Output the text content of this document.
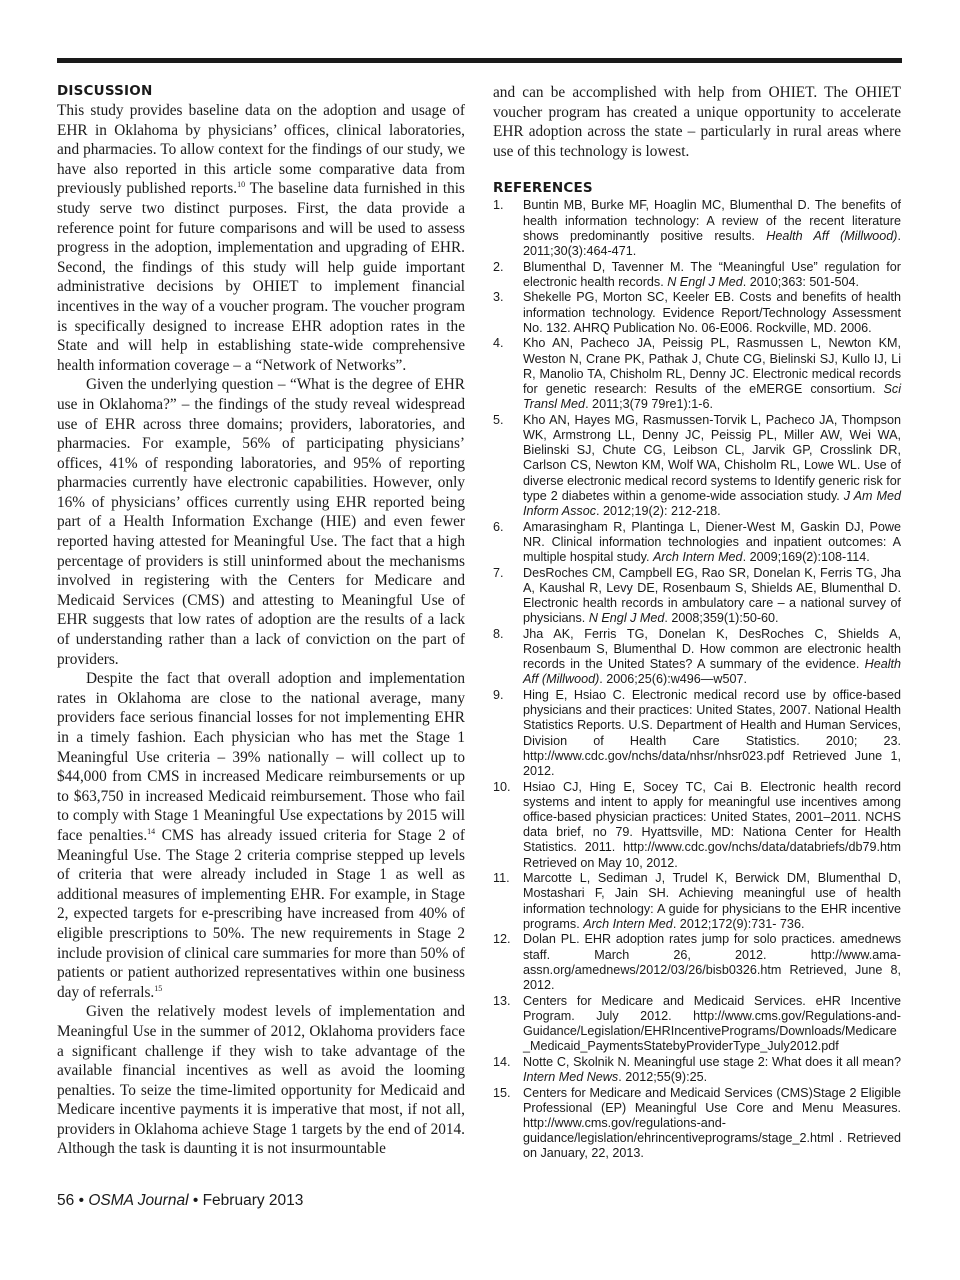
DISCUSSION

This study provides baseline data on the adoption and usage of EHR in Oklahoma by physicians’ offices, clinical laboratories, and pharmacies. To allow context for the findings of our study, we have also reported in this article some comparative data from previously published reports.$^{10}$ The baseline data furnished in this study serve two distinct purposes. First, the data provide a reference point for future comparisons and will be used to assess progress in the adoption, implementation and upgrading of EHR. Second, the findings of this study will help guide important administrative decisions by OHIET to implement financial incentives in the way of a voucher program. The voucher program is specifically designed to increase EHR adoption rates in the State and will help in establishing state-wide comprehensive health information coverage – a “Network of Networks”.

Given the underlying question – “What is the degree of EHR use in Oklahoma?” – the findings of the study reveal widespread use of EHR across three domains; providers, laboratories, and pharmacies. For example, 56% of participating physicians’ offices, 41% of responding laboratories, and 95% of reporting pharmacies currently have electronic capabilities. However, only 16% of physicians’ offices currently using EHR reported being part of a Health Information Exchange (HIE) and even fewer reported having attested for Meaningful Use. The fact that a high percentage of providers is still uninformed about the mechanisms involved in registering with the Centers for Medicare and Medicaid Services (CMS) and attesting to Meaningful Use of EHR suggests that low rates of adoption are the results of a lack of understanding rather than a lack of conviction on the part of providers.

Despite the fact that overall adoption and implementation rates in Oklahoma are close to the national average, many providers face serious financial losses for not implementing EHR in a timely fashion. Each physician who has met the Stage 1 Meaningful Use criteria – 39% nationally – will collect up to $44,000 from CMS in increased Medicare reimbursements or up to $63,750 in increased Medicaid reimbursement. Those who fail to comply with Stage 1 Meaningful Use expectations by 2015 will face penalties.$^{14}$ CMS has already issued criteria for Stage 2 of Meaningful Use. The Stage 2 criteria comprise stepped up levels of criteria that were already included in Stage 1 as well as additional measures of implementing EHR. For example, in Stage 2, expected targets for e-prescribing have increased from 40% of eligible prescriptions to 50%. The new requirements in Stage 2 include provision of clinical care summaries for more than 50% of patients or patient authorized representatives within one business day of referrals.$^{15}$

Given the relatively modest levels of implementation and Meaningful Use in the summer of 2012, Oklahoma providers face a significant challenge if they wish to take advantage of the available financial incentives as well as avoid the looming penalties. To seize the time-limited opportunity for Medicaid and Medicare incentive payments it is imperative that most, if not all, providers in Oklahoma achieve Stage 1 targets by the end of 2014. Although the task is daunting it is not insurmountable

and can be accomplished with help from OHIET. The OHIET voucher program has created a unique opportunity to accelerate EHR adoption across the state – particularly in rural areas where use of this technology is lowest.

REFERENCES
1.	Buntin MB, Burke MF, Hoaglin MC, Blumenthal D. The benefits of health information technology: A review of the recent literature shows predominantly positive results. Health Aff (Millwood). 2011;30(3):464-471.
2.	Blumenthal D, Tavenner M. The “Meaningful Use” regulation for electronic health records. N Engl J Med. 2010;363: 501-504.
3.	Shekelle PG, Morton SC, Keeler EB. Costs and benefits of health information technology. Evidence Report/Technology Assessment No. 132. AHRQ Publication No. 06-E006. Rockville, MD. 2006.
4.	Kho AN, Pacheco JA, Peissig PL, Rasmussen L, Newton KM, Weston N, Crane PK, Pathak J, Chute CG, Bielinski SJ, Kullo IJ, Li R, Manolio TA, Chisholm RL, Denny JC. Electronic medical records for genetic research: Results of the eMERGE consortium. Sci Transl Med. 2011;3(79 79re1):1-6.
5.	Kho AN, Hayes MG, Rasmussen-Torvik L, Pacheco JA, Thompson WK, Armstrong LL, Denny JC, Peissig PL, Miller AW, Wei WA, Bielinski SJ, Chute CG, Leibson CL, Jarvik GP, Crosslink DR, Carlson CS, Newton KM, Wolf WA, Chisholm RL, Lowe WL. Use of diverse electronic medical record systems to Identify generic risk for type 2 diabetes within a genome-wide association study. J Am Med Inform Assoc. 2012;19(2): 212-218.
6.	Amarasingham R, Plantinga L, Diener-West M, Gaskin DJ, Powe NR. Clinical information technologies and inpatient outcomes: A multiple hospital study. Arch Intern Med. 2009;169(2):108-114.
7.	DesRoches CM, Campbell EG, Rao SR, Donelan K, Ferris TG, Jha A, Kaushal R, Levy DE, Rosenbaum S, Shields AE, Blumenthal D. Electronic health records in ambulatory care – a national survey of physicians. N Engl J Med. 2008;359(1):50-60.
8.	Jha AK, Ferris TG, Donelan K, DesRoches C, Shields A, Rosenbaum S, Blumenthal D. How common are electronic health records in the United States? A summary of the evidence. Health Aff (Millwood). 2006;25(6):w496—w507.
9.	Hing E, Hsiao C. Electronic medical record use by office-based physicians and their practices: United States, 2007. National Health Statistics Reports. U.S. Department of Health and Human Services, Division of Health Care Statistics. 2010; 23. http://www.cdc.gov/nchs/data/nhsr/nhsr023.pdf Retrieved June 1, 2012.
10. Hsiao CJ, Hing E, Socey TC, Cai B. Electronic health record systems and intent to apply for meaningful use incentives among office-based physician practices: United States, 2001–2011. NCHS data brief, no 79. Hyattsville, MD: Nationa Center for Health Statistics. 2011. http://www.cdc.gov/nchs/data/databriefs/db79.htm Retrieved on May 10, 2012.
11.	Marcotte L, Sediman J, Trudel K, Berwick DM, Blumenthal D, Mostashari F, Jain SH. Achieving meaningful use of health information technology: A guide for physicians to the EHR incentive programs. Arch Intern Med. 2012;172(9):731- 736.
12. Dolan PL. EHR adoption rates jump for solo practices. amednews staff. March 26, 2012. http://www.ama-assn.org/amednews/2012/03/26/bisb0326.htm Retrieved, June 8, 2012.
13. Centers for Medicare and Medicaid Services. eHR Incentive Program. July 2012. http://www.cms.gov/Regulations-and-Guidance/Legislation/EHRIncentivePrograms/Downloads/Medicare_Medicaid_PaymentsStatebyProviderType_July2012.pdf
14. Notte C, Skolnik N. Meaningful use stage 2: What does it all mean? Intern Med News. 2012;55(9):25.
15. Centers for Medicare and Medicaid Services (CMS)Stage 2 Eligible Professional (EP) Meaningful Use Core and Menu Measures. http://www.cms.gov/regulations-and-guidance/legislation/ehrincentiveprograms/stage_2.html . Retrieved on January, 22, 2013.
56 • OSMA Journal • February 2013
